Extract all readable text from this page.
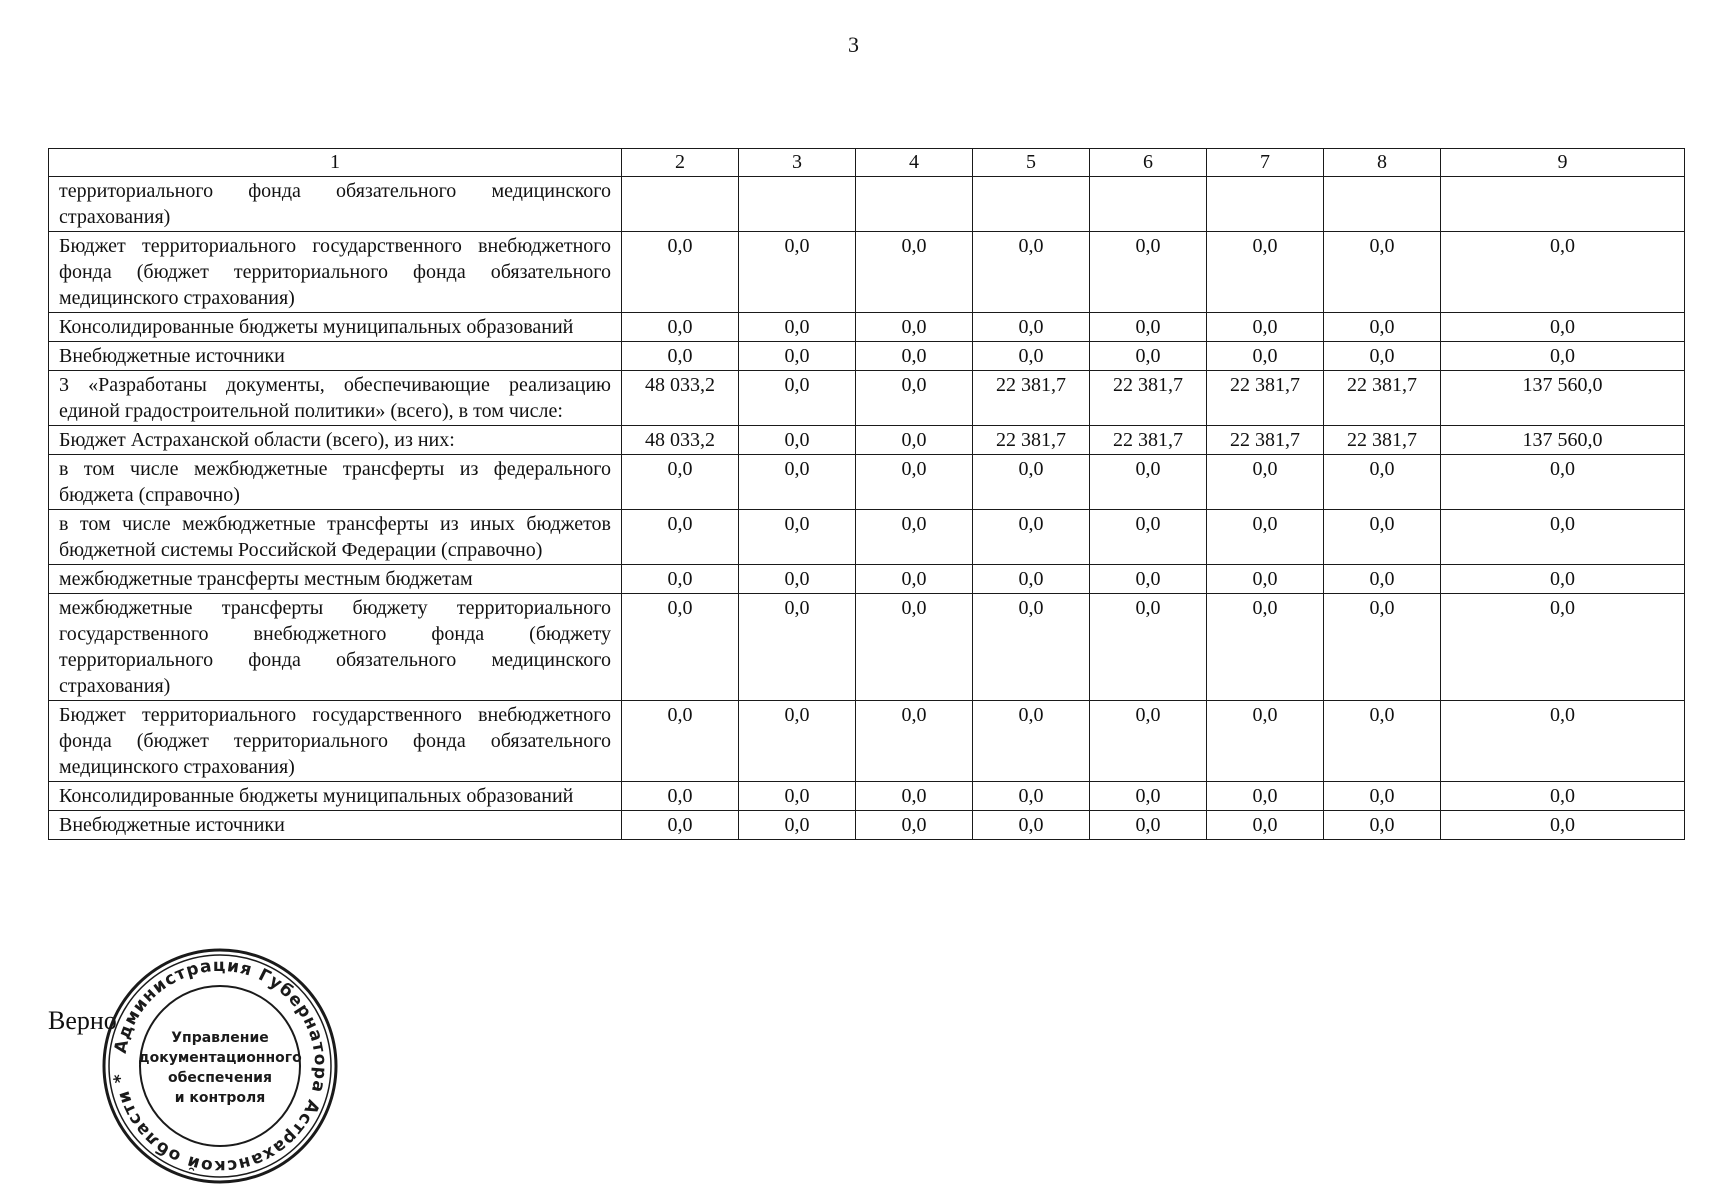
3
1	2	3	4	5	6	7	8	9
территориального фонда обязательного медицинского страхования)								
Бюджет территориального государственного внебюджетного фонда (бюджет территориального фонда обязательного медицинского страхования)	0,0	0,0	0,0	0,0	0,0	0,0	0,0	0,0
Консолидированные бюджеты муниципальных образований	0,0	0,0	0,0	0,0	0,0	0,0	0,0	0,0
Внебюджетные источники	0,0	0,0	0,0	0,0	0,0	0,0	0,0	0,0
3 «Разработаны документы, обеспечивающие реализацию единой градостроительной политики» (всего), в том числе:	48 033,2	0,0	0,0	22 381,7	22 381,7	22 381,7	22 381,7	137 560,0
Бюджет Астраханской области (всего), из них:	48 033,2	0,0	0,0	22 381,7	22 381,7	22 381,7	22 381,7	137 560,0
в том числе межбюджетные трансферты из федерального бюджета (справочно)	0,0	0,0	0,0	0,0	0,0	0,0	0,0	0,0
в том числе межбюджетные трансферты из иных бюджетов бюджетной системы Российской Федерации (справочно)	0,0	0,0	0,0	0,0	0,0	0,0	0,0	0,0
межбюджетные трансферты местным бюджетам	0,0	0,0	0,0	0,0	0,0	0,0	0,0	0,0
межбюджетные трансферты бюджету территориального государственного внебюджетного фонда (бюджету территориального фонда обязательного медицинского страхования)	0,0	0,0	0,0	0,0	0,0	0,0	0,0	0,0
Бюджет территориального государственного внебюджетного фонда (бюджет территориального фонда обязательного медицинского страхования)	0,0	0,0	0,0	0,0	0,0	0,0	0,0	0,0
Консолидированные бюджеты муниципальных образований	0,0	0,0	0,0	0,0	0,0	0,0	0,0	0,0
Внебюджетные источники	0,0	0,0	0,0	0,0	0,0	0,0	0,0	0,0
Верно
Администрация Губернатора Астраханской области *
Управление
документационного
обеспечения
и контроля
